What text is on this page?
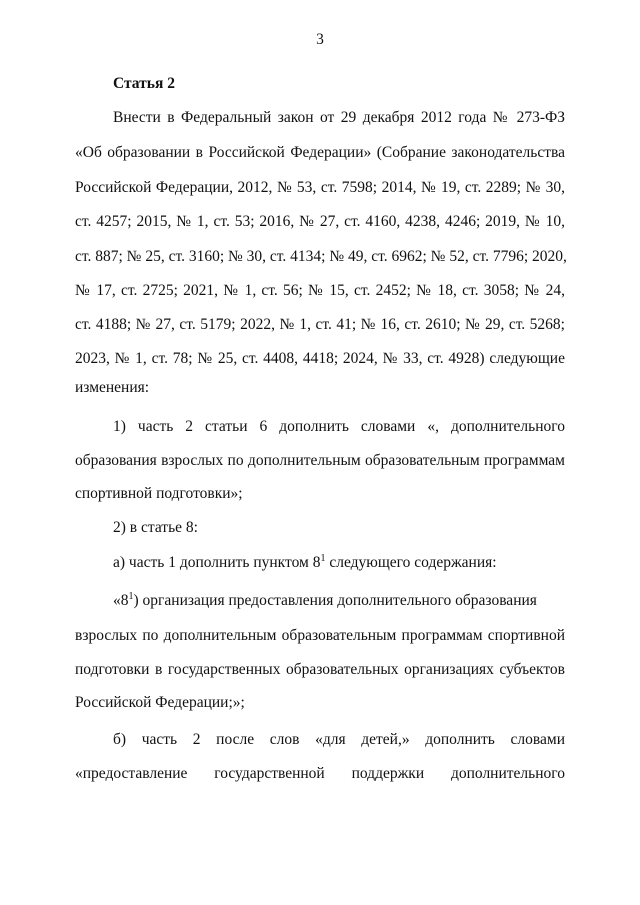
3
Статья 2
Внести в Федеральный закон от 29 декабря 2012 года № 273-ФЗ
«Об образовании в Российской Федерации» (Собрание законодательства
Российской Федерации, 2012, № 53, ст. 7598; 2014, № 19, ст. 2289; № 30,
ст. 4257; 2015, № 1, ст. 53; 2016, № 27, ст. 4160, 4238, 4246; 2019, № 10,
ст. 887; № 25, ст. 3160; № 30, ст. 4134; № 49, ст. 6962; № 52, ст. 7796; 2020,
№ 17, ст. 2725; 2021, № 1, ст. 56; № 15, ст. 2452; № 18, ст. 3058; № 24,
ст. 4188; № 27, ст. 5179; 2022, № 1, ст. 41; № 16, ст. 2610; № 29, ст. 5268;
2023, № 1, ст. 78; № 25, ст. 4408, 4418; 2024, № 33, ст. 4928) следующие
изменения:
1) часть 2 статьи 6 дополнить словами «, дополнительного
образования взрослых по дополнительным образовательным программам
спортивной подготовки»;
2) в статье 8:
а) часть 1 дополнить пунктом $8^1$ следующего содержания:
«$8^1$) организация предоставления дополнительного образования
взрослых по дополнительным образовательным программам спортивной
подготовки в государственных образовательных организациях субъектов
Российской Федерации;»;
б) часть 2 после слов «для детей,» дополнить словами
«предоставление государственной поддержки дополнительного
